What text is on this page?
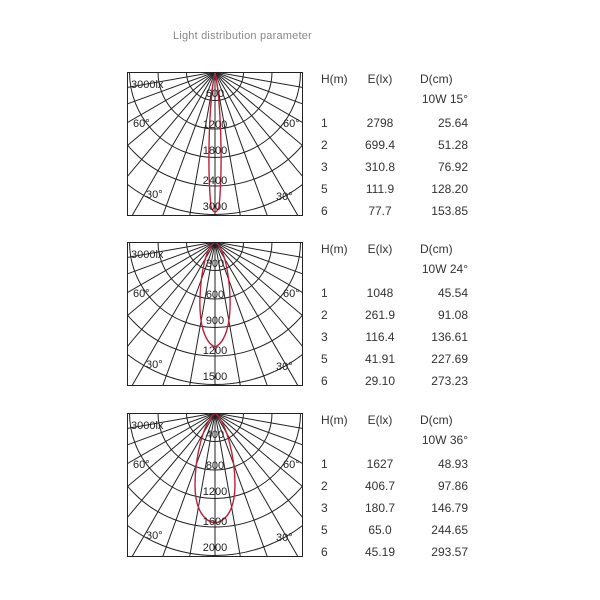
Light distribution parameter
3000lx
60°	60°
30°	30°
600
1200
1800
2400
3000
H(m)	E(lx)	D(cm)
10W 15°
1	2798	25.64
2	699.4	51.28
3	310.8	76.92
5	111.9	128.20
6	77.7	153.85
3000lx
60°	60°
30°	30°
300
600
900
1200
1500
H(m)	E(lx)	D(cm)
10W 24°
1	1048	45.54
2	261.9	91.08
3	116.4	136.61
5	41.91	227.69
6	29.10	273.23
3000lx
60°	60°
30°	30°
400
800
1200
1600
2000
H(m)	E(lx)	D(cm)
10W 36°
1	1627	48.93
2	406.7	97.86
3	180.7	146.79
5	65.0	244.65
6	45.19	293.57
